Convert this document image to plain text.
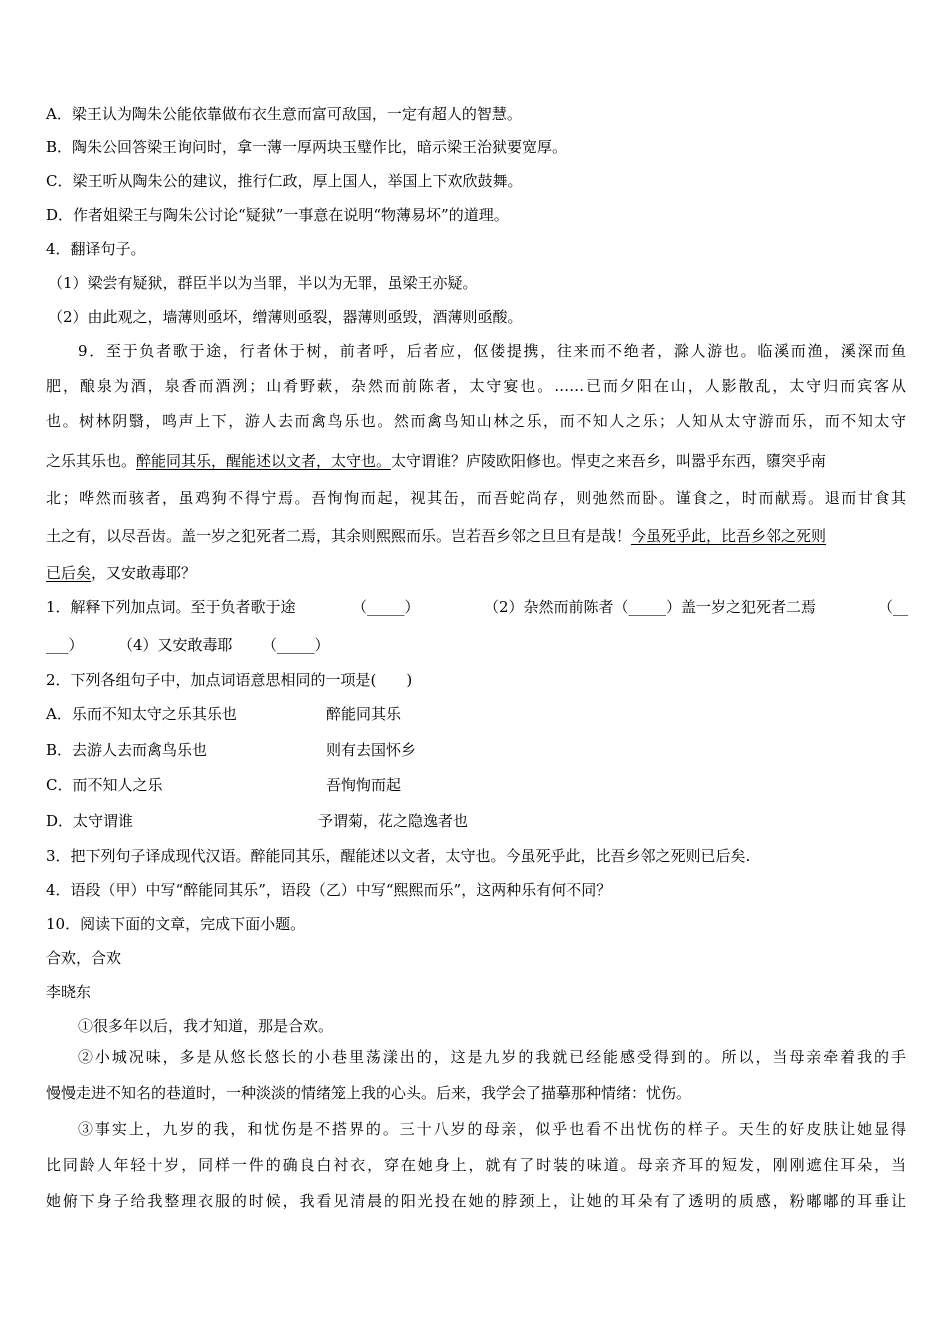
A．梁王认为陶朱公能依靠做布衣生意而富可敌国，一定有超人的智慧。
B．陶朱公回答梁王询问时，拿一薄一厚两块玉璧作比，暗示梁王治狱要宽厚。
C．梁王听从陶朱公的建议，推行仁政，厚上国人，举国上下欢欣鼓舞。
D．作者姐梁王与陶朱公讨论“疑狱”一事意在说明“物薄易坏”的道理。
4．翻译句子。
（1）梁尝有疑狱，群臣半以为当罪，半以为无罪，虽梁王亦疑。
（2）由此观之，墙薄则亟坏，缯薄则亟裂，器薄则亟毁，酒薄则亟酸。
9．至于负者歌于途，行者休于树，前者呼，后者应，伛偻提携，往来而不绝者，滁人游也。临溪而渔，溪深而鱼
肥，酿泉为酒，泉香而酒洌；山肴野蔌，杂然而前陈者，太守宴也。……已而夕阳在山，人影散乱，太守归而宾客从
也。树林阴翳，鸣声上下，游人去而禽鸟乐也。然而禽鸟知山林之乐，而不知人之乐；人知从太守游而乐，而不知太守
之乐其乐也。醉能同其乐，醒能述以文者，太守也。太守谓谁？庐陵欧阳修也。悍吏之来吾乡，叫嚣乎东西，隳突乎南
北；哗然而骇者，虽鸡狗不得宁焉。吾恂恂而起，视其缶，而吾蛇尚存，则弛然而卧。谨食之，时而献焉。退而甘食其
土之有，以尽吾齿。盖一岁之犯死者二焉，其余则熙熙而乐。岂若吾乡邻之旦旦有是哉！今虽死乎此，比吾乡邻之死则
已后矣，又安敢毒耶？
1．解释下列加点词。至于负者歌于途	（_____）	（2）杂然而前陈者（_____）盖一岁之犯死者二焉	（__
___） （4）又安敢毒耶 （_____）
2．下列各组句子中，加点词语意思相同的一项是(　　)
A．乐而不知太守之乐其乐也	醉能同其乐
B．去游人去而禽鸟乐也	则有去国怀乡
C．而不知人之乐	吾恂恂而起
D．太守谓谁	予谓菊，花之隐逸者也
3．把下列句子译成现代汉语。醉能同其乐，醒能述以文者，太守也。今虽死乎此，比吾乡邻之死则已后矣.
4．语段（甲）中写“醉能同其乐”，语段（乙）中写“熙熙而乐”，这两种乐有何不同？
10．阅读下面的文章，完成下面小题。
合欢，合欢
李晓东
①很多年以后，我才知道，那是合欢。
②小城况味，多是从悠长悠长的小巷里荡漾出的，这是九岁的我就已经能感受得到的。所以，当母亲牵着我的手
慢慢走进不知名的巷道时，一种淡淡的情绪笼上我的心头。后来，我学会了描摹那种情绪：忧伤。
③事实上，九岁的我，和忧伤是不搭界的。三十八岁的母亲，似乎也看不出忧伤的样子。天生的好皮肤让她显得
比同龄人年轻十岁，同样一件的确良白衬衣，穿在她身上，就有了时装的味道。母亲齐耳的短发，刚刚遮住耳朵，当
她俯下身子给我整理衣服的时候，我看见清晨的阳光投在她的脖颈上，让她的耳朵有了透明的质感，粉嘟嘟的耳垂让
